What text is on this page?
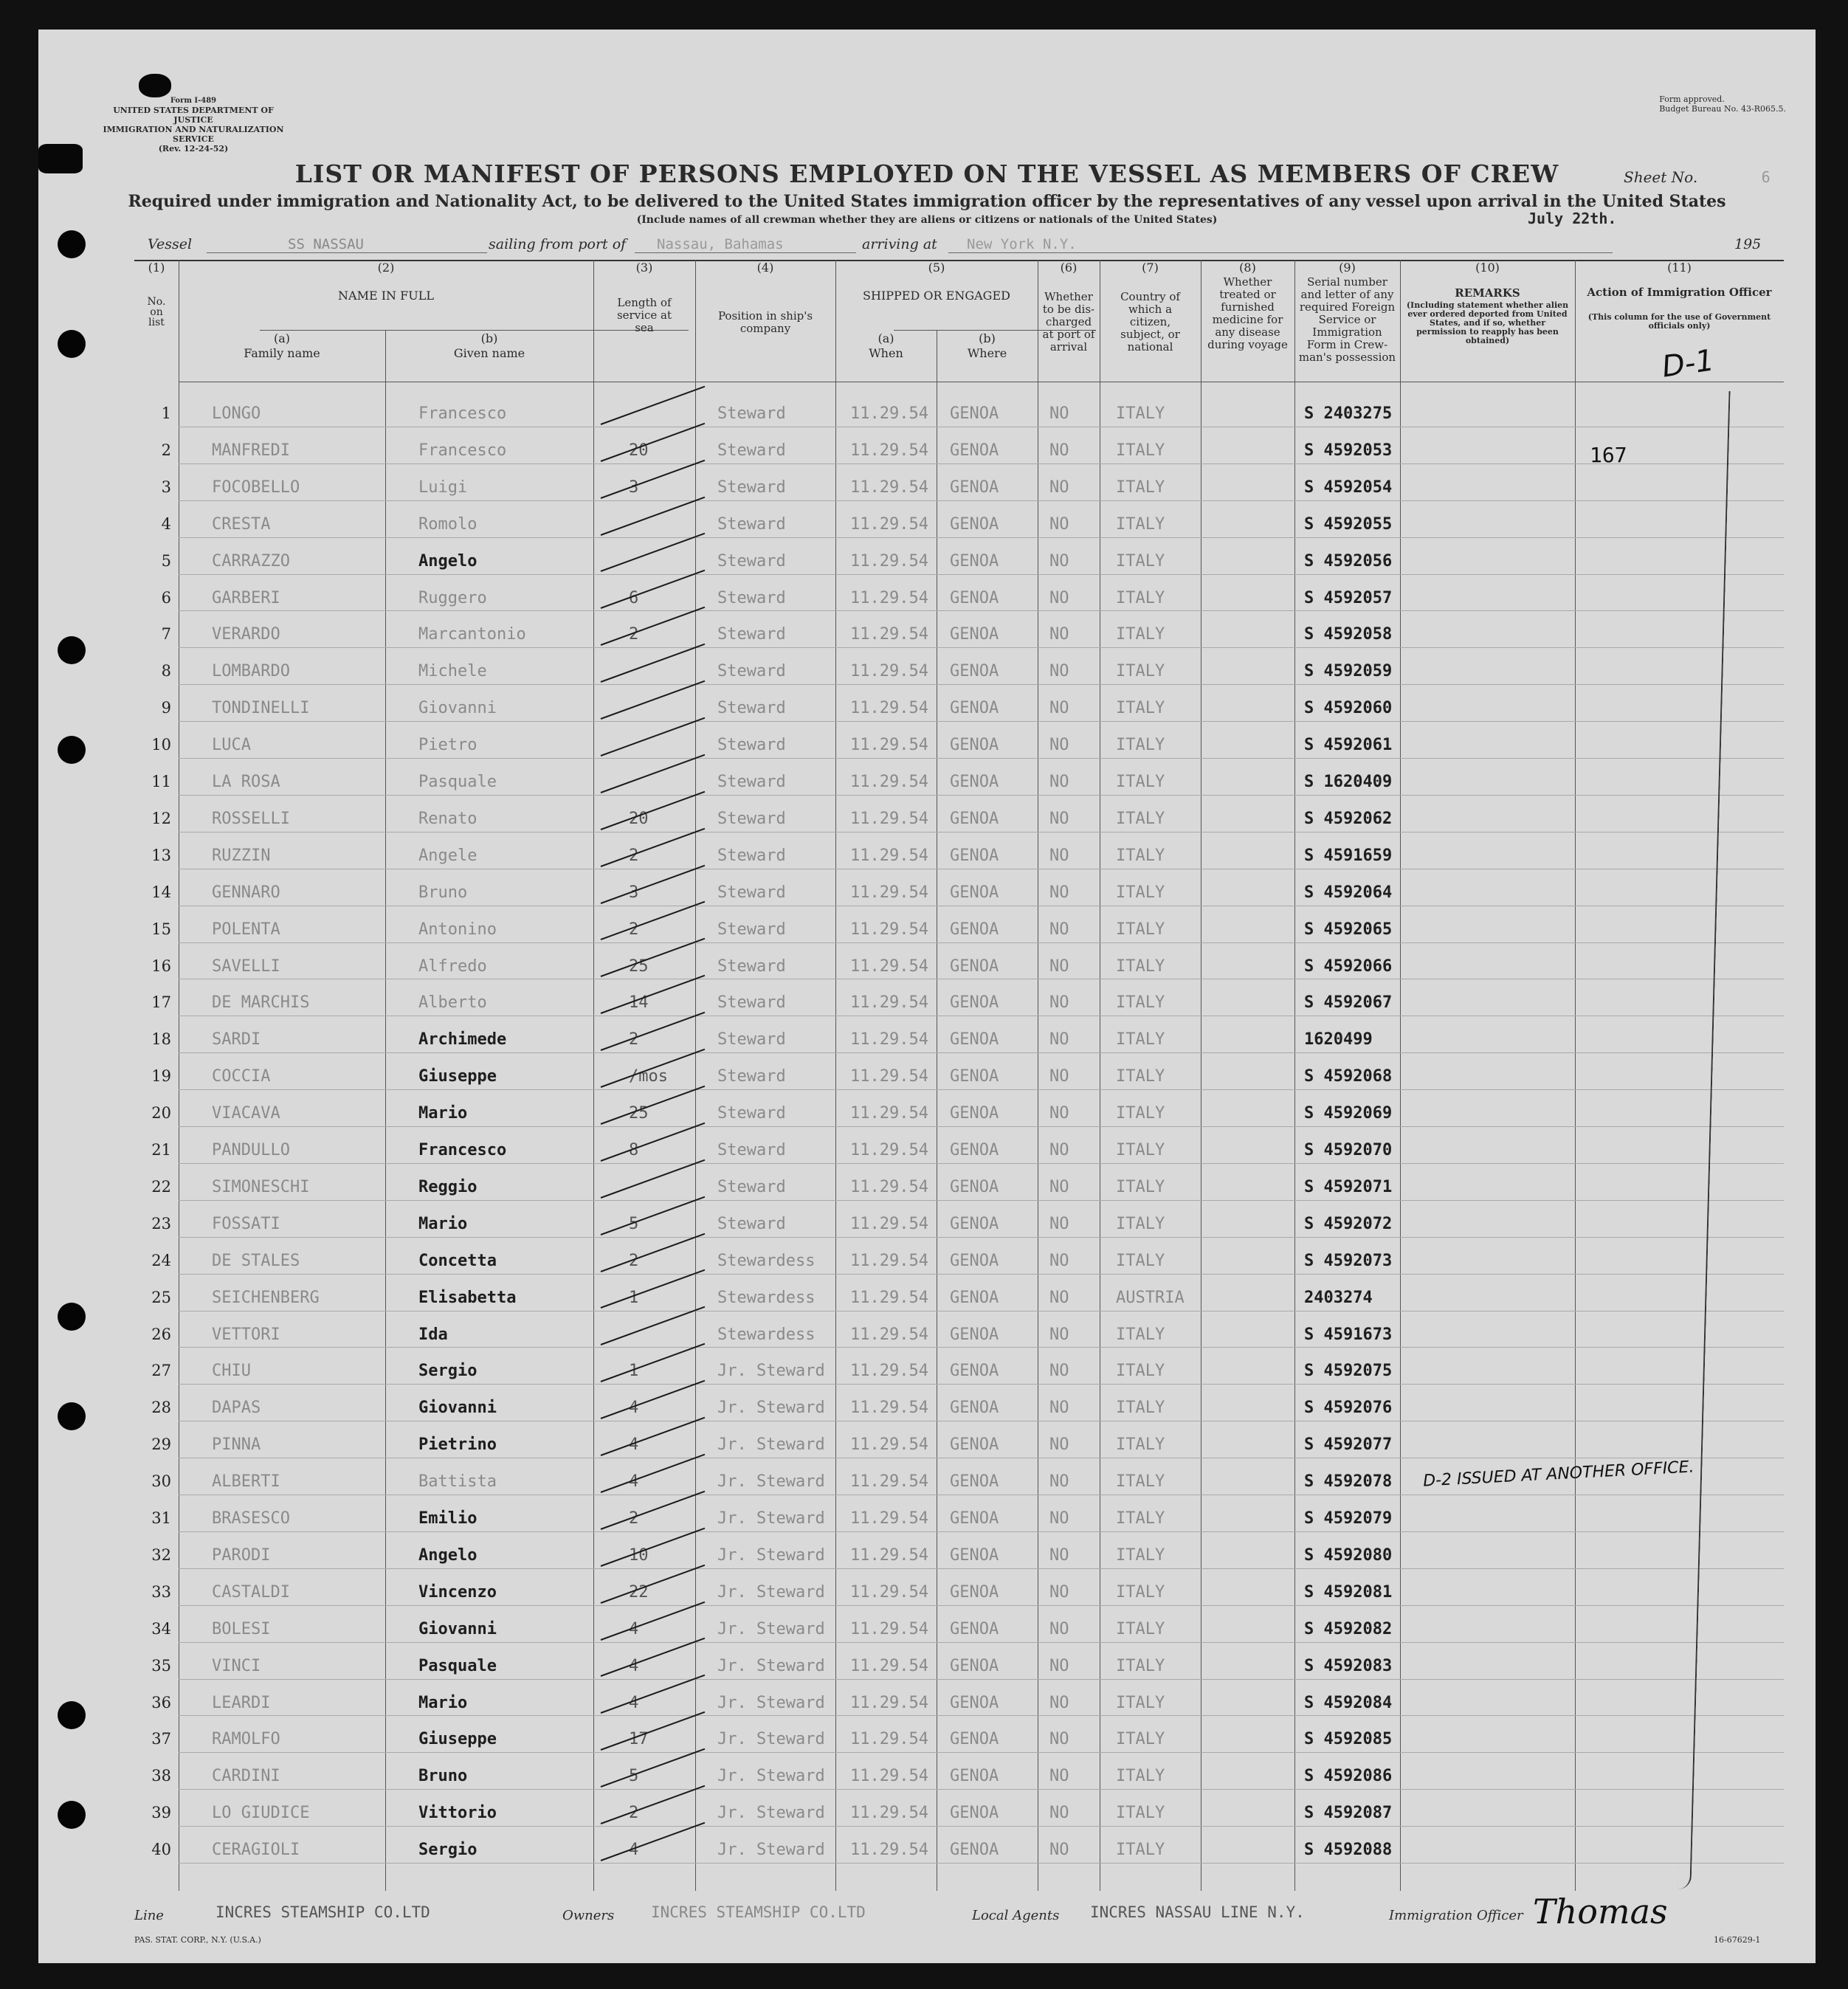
Form I-489
UNITED STATES DEPARTMENT OF JUSTICE
IMMIGRATION AND NATURALIZATION SERVICE
(Rev. 12-24-52)
Form approved.
Budget Bureau No. 43-R065.5.
LIST OR MANIFEST OF PERSONS EMPLOYED ON THE VESSEL AS MEMBERS OF CREW	Sheet No.	6
Required under immigration and Nationality Act, to be delivered to the United States immigration officer by the representatives of any vessel upon arrival in the United States
(Include names of all crewman whether they are aliens or citizens or nationals of the United States)	July 22th.
Vessel	SS NASSAU	sailing from port of Nassau, Bahamas	arriving at New York N.Y.	195
(1)
No. on list
(2)
NAME IN FULL
(a)
Family name
(b)
Given name
(3)
Length of service at sea
(4)
Position in ship's company
(5)
SHIPPED OR ENGAGED
(a)
When
(b)
Where
(6)
Whether to be dis-charged at port of arrival
(7)
Country of which a citizen, subject, or national
(8)
Whether treated or furnished medicine for any disease during voyage
(9)
Serial number and letter of any required Foreign Service or Immigration Form in Crew-man's possession
(10)
REMARKS
(Including statement whether alien ever ordered deported from United States, and if so, whether permission to reapply has been obtained)
(11)
Action of Immigration Officer
(This column for the use of Government officials only)
1	LONGO	Francesco	Steward	11.29.54 GENOA	NO	ITALY	S 2403275
2	MANFREDI	Francesco	20	Steward	11.29.54 GENOA	NO	ITALY	S 4592053
3	FOCOBELLO	Luigi	3	Steward	11.29.54 GENOA	NO	ITALY	S 4592054
4	CRESTA	Romolo	Steward	11.29.54 GENOA	NO	ITALY	S 4592055
5	CARRAZZO	Angelo	Steward	11.29.54 GENOA	NO	ITALY	S 4592056
6	GARBERI	Ruggero	6	Steward	11.29.54 GENOA	NO	ITALY	S 4592057
7	VERARDO	Marcantonio	2	Steward	11.29.54 GENOA	NO	ITALY	S 4592058
8	LOMBARDO	Michele	Steward	11.29.54 GENOA	NO	ITALY	S 4592059
9	TONDINELLI	Giovanni	Steward	11.29.54 GENOA	NO	ITALY	S 4592060
10	LUCA	Pietro	Steward	11.29.54 GENOA	NO	ITALY	S 4592061
11	LA ROSA	Pasquale	Steward	11.29.54 GENOA	NO	ITALY	S 1620409
12	ROSSELLI	Renato	20	Steward	11.29.54 GENOA	NO	ITALY	S 4592062
13	RUZZIN	Angele	2	Steward	11.29.54 GENOA	NO	ITALY	S 4591659
14	GENNARO	Bruno	3	Steward	11.29.54 GENOA	NO	ITALY	S 4592064
15	POLENTA	Antonino	2	Steward	11.29.54 GENOA	NO	ITALY	S 4592065
16	SAVELLI	Alfredo	25	Steward	11.29.54 GENOA	NO	ITALY	S 4592066
17	DE MARCHIS	Alberto	14	Steward	11.29.54 GENOA	NO	ITALY	S 4592067
18	SARDI	Archimede	2	Steward	11.29.54 GENOA	NO	ITALY	1620499
19	COCCIA	Giuseppe	/mos	Steward	11.29.54 GENOA	NO	ITALY	S 4592068
20	VIACAVA	Mario	25	Steward	11.29.54 GENOA	NO	ITALY	S 4592069
21	PANDULLO	Francesco	8	Steward	11.29.54 GENOA	NO	ITALY	S 4592070
22	SIMONESCHI	Reggio	Steward	11.29.54 GENOA	NO	ITALY	S 4592071
23	FOSSATI	Mario	5	Steward	11.29.54 GENOA	NO	ITALY	S 4592072
24	DE STALES	Concetta	2	Stewardess 11.29.54 GENOA	NO	ITALY	S 4592073
25	SEICHENBERG	Elisabetta	1	Stewardess 11.29.54 GENOA	NO	AUSTRIA	2403274
26	VETTORI	Ida	Stewardess 11.29.54 GENOA	NO	ITALY	S 4591673
27	CHIU	Sergio	1	Jr. Steward 11.29.54 GENOA	NO	ITALY	S 4592075
28	DAPAS	Giovanni	4	Jr. Steward 11.29.54 GENOA	NO	ITALY	S 4592076
29	PINNA	Pietrino	4	Jr. Steward 11.29.54 GENOA	NO	ITALY	S 4592077
30	ALBERTI	Battista	4	Jr. Steward 11.29.54 GENOA	NO	ITALY	S 4592078
31	BRASESCO	Emilio	2	Jr. Steward 11.29.54 GENOA	NO	ITALY	S 4592079
32	PARODI	Angelo	10	Jr. Steward 11.29.54 GENOA	NO	ITALY	S 4592080
33	CASTALDI	Vincenzo	22	Jr. Steward 11.29.54 GENOA	NO	ITALY	S 4592081
34	BOLESI	Giovanni	4	Jr. Steward 11.29.54 GENOA	NO	ITALY	S 4592082
35	VINCI	Pasquale	4	Jr. Steward 11.29.54 GENOA	NO	ITALY	S 4592083
36	LEARDI	Mario	4	Jr. Steward 11.29.54 GENOA	NO	ITALY	S 4592084
37	RAMOLFO	Giuseppe	17	Jr. Steward 11.29.54 GENOA	NO	ITALY	S 4592085
38	CARDINI	Bruno	5	Jr. Steward 11.29.54 GENOA	NO	ITALY	S 4592086
39	LO GIUDICE	Vittorio	2	Jr. Steward 11.29.54 GENOA	NO	ITALY	S 4592087
40	CERAGIOLI	Sergio	4	Jr. Steward 11.29.54 GENOA	NO	ITALY	S 4592088
D-1
167
D-2 ISSUED AT ANOTHER OFFICE.
Line	INCRES STEAMSHIP CO.LTD	Owners INCRES STEAMSHIP CO.LTD	Local Agents INCRES NASSAU LINE N.Y.	Immigration Officer Thomas
PAS. STAT. CORP., N.Y. (U.S.A.)	16-67629-1
